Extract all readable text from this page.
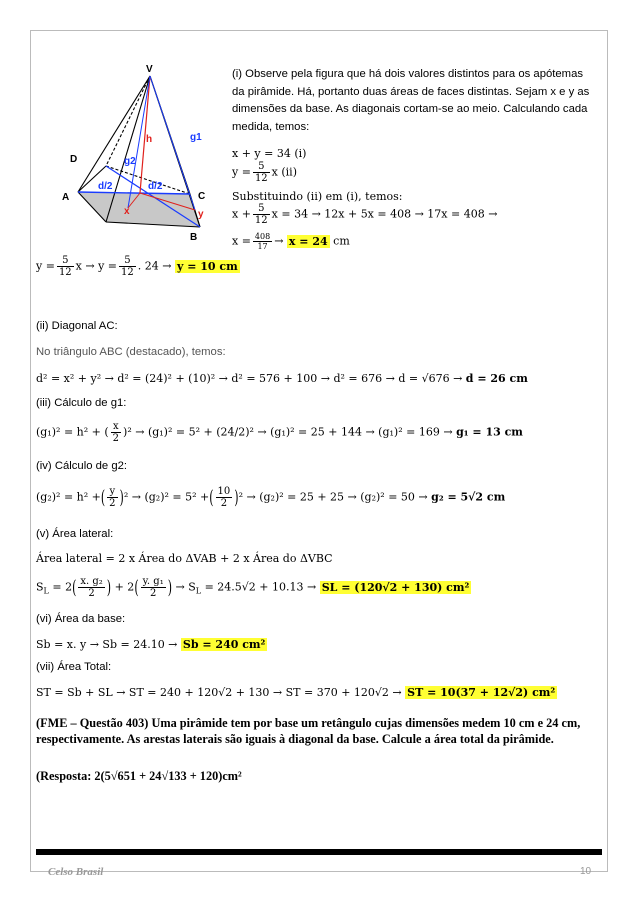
V
D
A	C
B
h	g1
g2
d/2	d/2
x	y
(i) Observe pela figura que há dois valores distintos para os apótemas da pirâmide. Há, portanto duas áreas de faces distintas. Sejam x e y as dimensões da base. As diagonais cortam-se ao meio. Calculando cada medida, temos:
x + y = 34 (i)
$y = \frac{5}{12}$ x (ii)
Substituindo (ii) em (i), temos:
$x + \frac{5}{12}$ x = 34 → 12x + 5x = 408 → 17x = 408 →
$x = \frac{408}{17} \to x = 24$ cm
$y = \frac{5}{12}$ $x \to y = \frac{5}{12}$ . 24 → y = 10 cm
(ii) Diagonal AC:
No triângulo ABC (destacado), temos:
d² = x² + y² → d² = (24)² + (10)² → d² = 576 + 100 → d² = 676 → d = √676 → d = 26 cm
(iii) Cálculo de g1:
(g₁)² = h² + ( $\frac{x}{2} )^2 \to (g_1)^2 = 5^2 + (24/2)^2 \to (g_1)^2 = 25 + 144 \to (g_1)^2 = 169 \to g_1 = 13$ cm
(iv) Cálculo de g2:
(g₂)² = h² +( $\frac{y}{2} )^2 \to (g_2)^2 = 5^2$ +( $\frac{10}{2} )^2 \to (g_2)^2 = 25 + 25 \to (g_2)^2 = 50 \to g_2 = 5√2$ cm
(v) Área lateral:
Área lateral = 2 x Área do ΔVAB + 2 x Área do ΔVBC
$S_L = 2( \frac{\text{x. g₂}}{2}$ ) + $2( \frac{\text{y. g₁}}{2}$ ) → $S_L = 24.5√2 + 10.13$ → SL = (120√2 + 130) cm²
(vi) Área da base:
Sb = x. y → Sb = 24.10 → Sb = 240 cm²
(vii) Área Total:
ST = Sb + SL → ST = 240 + 120√2 + 130 → ST = 370 + 120√2 → ST = 10(37 + 12√2) cm²
(FME – Questão 403) Uma pirâmide tem por base um retângulo cujas dimensões medem 10 cm e 24 cm, respectivamente. As arestas laterais são iguais à diagonal da base. Calcule a área total da pirâmide.
(Resposta: 2(5√651 + 24√133 + 120)cm²
Celso Brasil	10
